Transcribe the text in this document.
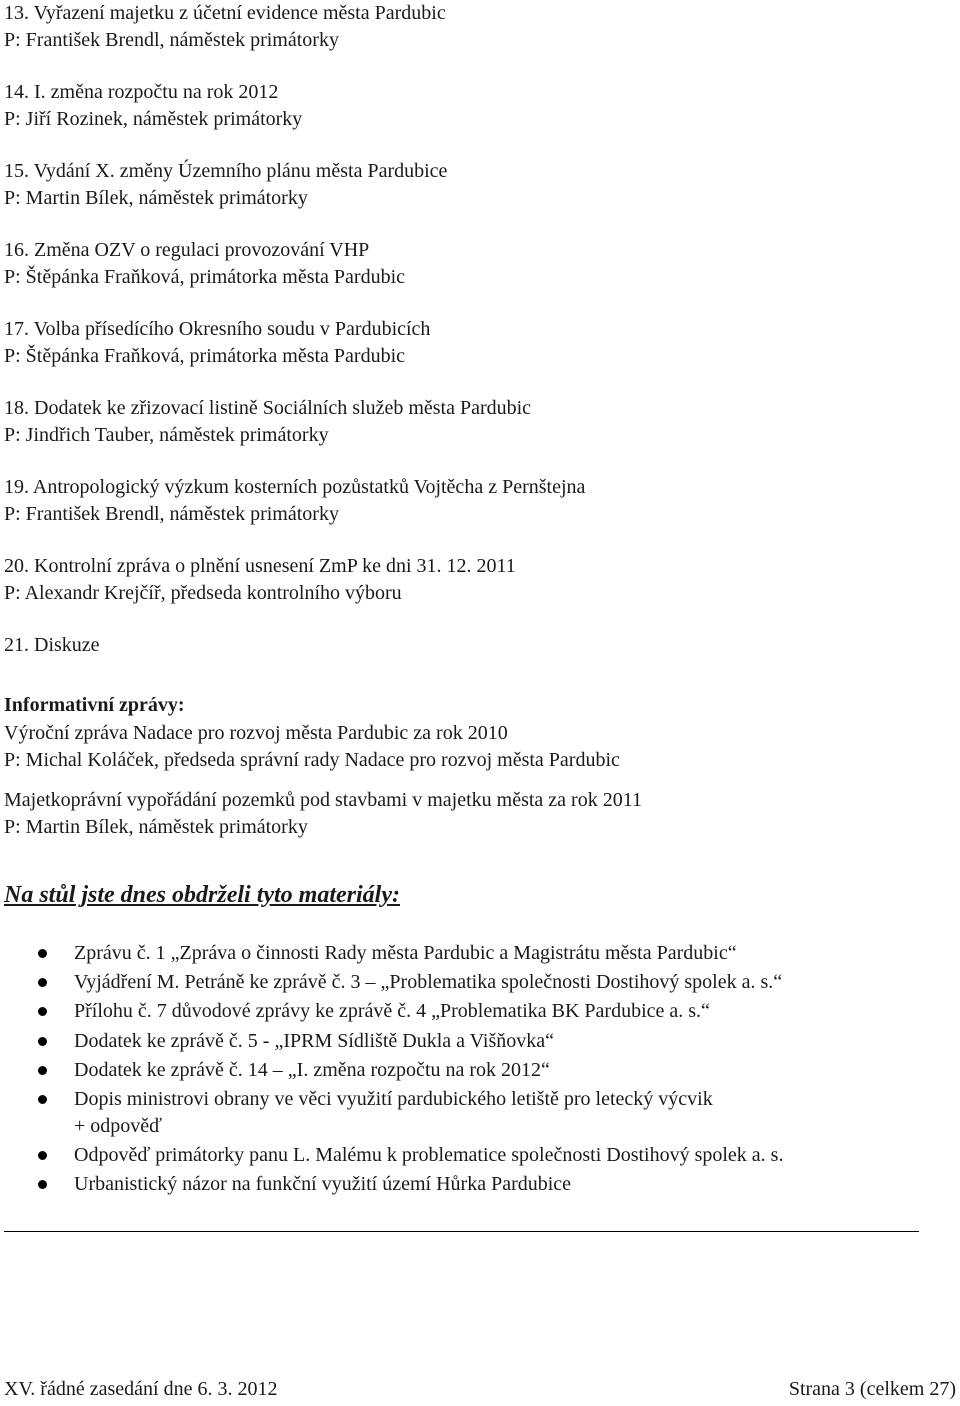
13. Vyřazení majetku z účetní evidence města Pardubic
P: František Brendl, náměstek primátorky
14. I. změna rozpočtu na rok 2012
P: Jiří Rozinek, náměstek primátorky
15. Vydání X. změny Územního plánu města Pardubice
P: Martin Bílek, náměstek primátorky
16. Změna OZV o regulaci provozování VHP
P: Štěpánka Fraňková, primátorka města Pardubic
17. Volba přísedícího Okresního soudu v Pardubicích
P: Štěpánka Fraňková, primátorka města Pardubic
18. Dodatek ke zřizovací listině Sociálních služeb města Pardubic
P: Jindřich Tauber, náměstek primátorky
19. Antropologický výzkum kosterních pozůstatků Vojtěcha z Pernštejna
P: František Brendl, náměstek primátorky
20. Kontrolní zpráva o plnění usnesení ZmP ke dni 31. 12. 2011
P: Alexandr Krejčíř, předseda kontrolního výboru
21. Diskuze
Informativní zprávy:
Výroční zpráva Nadace pro rozvoj města Pardubic za rok 2010
P: Michal Koláček, předseda správní rady Nadace pro rozvoj města Pardubic
Majetkoprávní vypořádání pozemků pod stavbami v majetku města za rok 2011
P: Martin Bílek, náměstek primátorky
Na stůl jste dnes obdrželi tyto materiály:
Zprávu č. 1 „Zpráva o činnosti Rady města Pardubic a Magistrátu města Pardubic“
Vyjádření M. Petráně ke zprávě č. 3 – „Problematika společnosti Dostihový spolek a. s.“
Přílohu č. 7 důvodové zprávy ke zprávě č. 4 „Problematika BK Pardubice a. s.“
Dodatek ke zprávě č. 5 - „IPRM Sídliště Dukla a Višňovka“
Dodatek ke zprávě č. 14 – „I. změna rozpočtu na rok 2012“
Dopis ministrovi obrany ve věci využití pardubického letiště pro letecký výcvik
+ odpověď
Odpověď primátorky panu L. Malému k problematice společnosti Dostihový spolek a. s.
Urbanistický názor na funkční využití území Hůrka Pardubice
XV. řádné zasedání dne 6. 3. 2012	Strana 3 (celkem 27)
